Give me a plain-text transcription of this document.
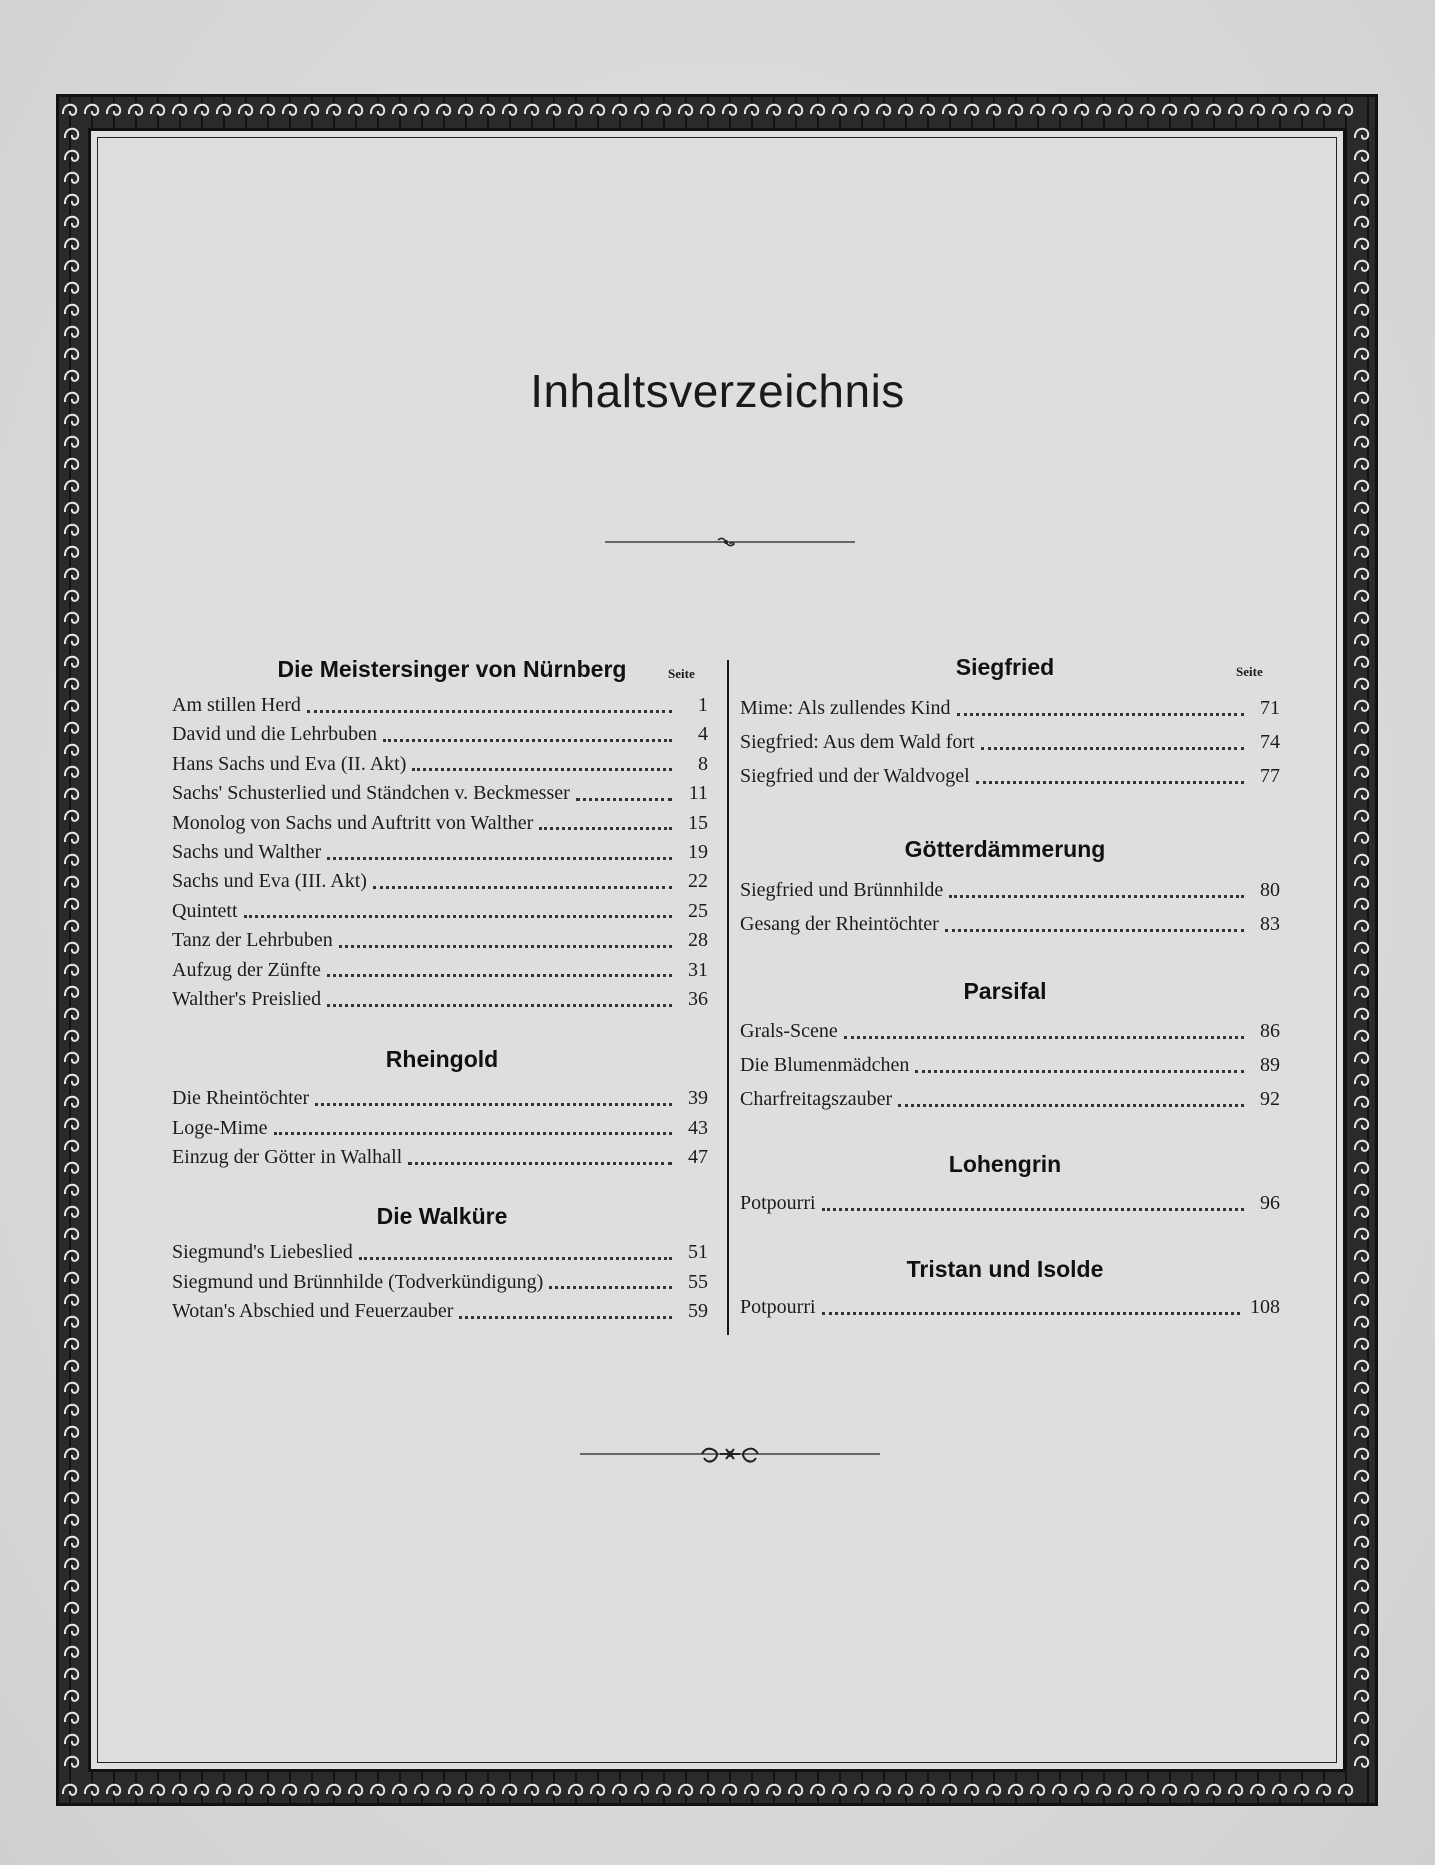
Inhaltsverzeichnis
Die Meistersinger von Nürnberg	Seite
Am stillen Herd	1
David und die Lehrbuben	4
Hans Sachs und Eva (II. Akt)	8
Sachs' Schusterlied und Ständchen v. Beckmesser	11
Monolog von Sachs und Auftritt von Walther	15
Sachs und Walther	19
Sachs und Eva (III. Akt)	22
Quintett	25
Tanz der Lehrbuben	28
Aufzug der Zünfte	31
Walther's Preislied	36
Rheingold
Die Rheintöchter	39
Loge-Mime	43
Einzug der Götter in Walhall	47
Die Walküre
Siegmund's Liebeslied	51
Siegmund und Brünnhilde (Todverkündigung)	55
Wotan's Abschied und Feuerzauber	59
Siegfried	Seite
Mime: Als zullendes Kind	71
Siegfried: Aus dem Wald fort	74
Siegfried und der Waldvogel	77
Götterdämmerung
Siegfried und Brünnhilde	80
Gesang der Rheintöchter	83
Parsifal
Grals-Scene	86
Die Blumenmädchen	89
Charfreitagszauber	92
Lohengrin
Potpourri	96
Tristan und Isolde
Potpourri	108
